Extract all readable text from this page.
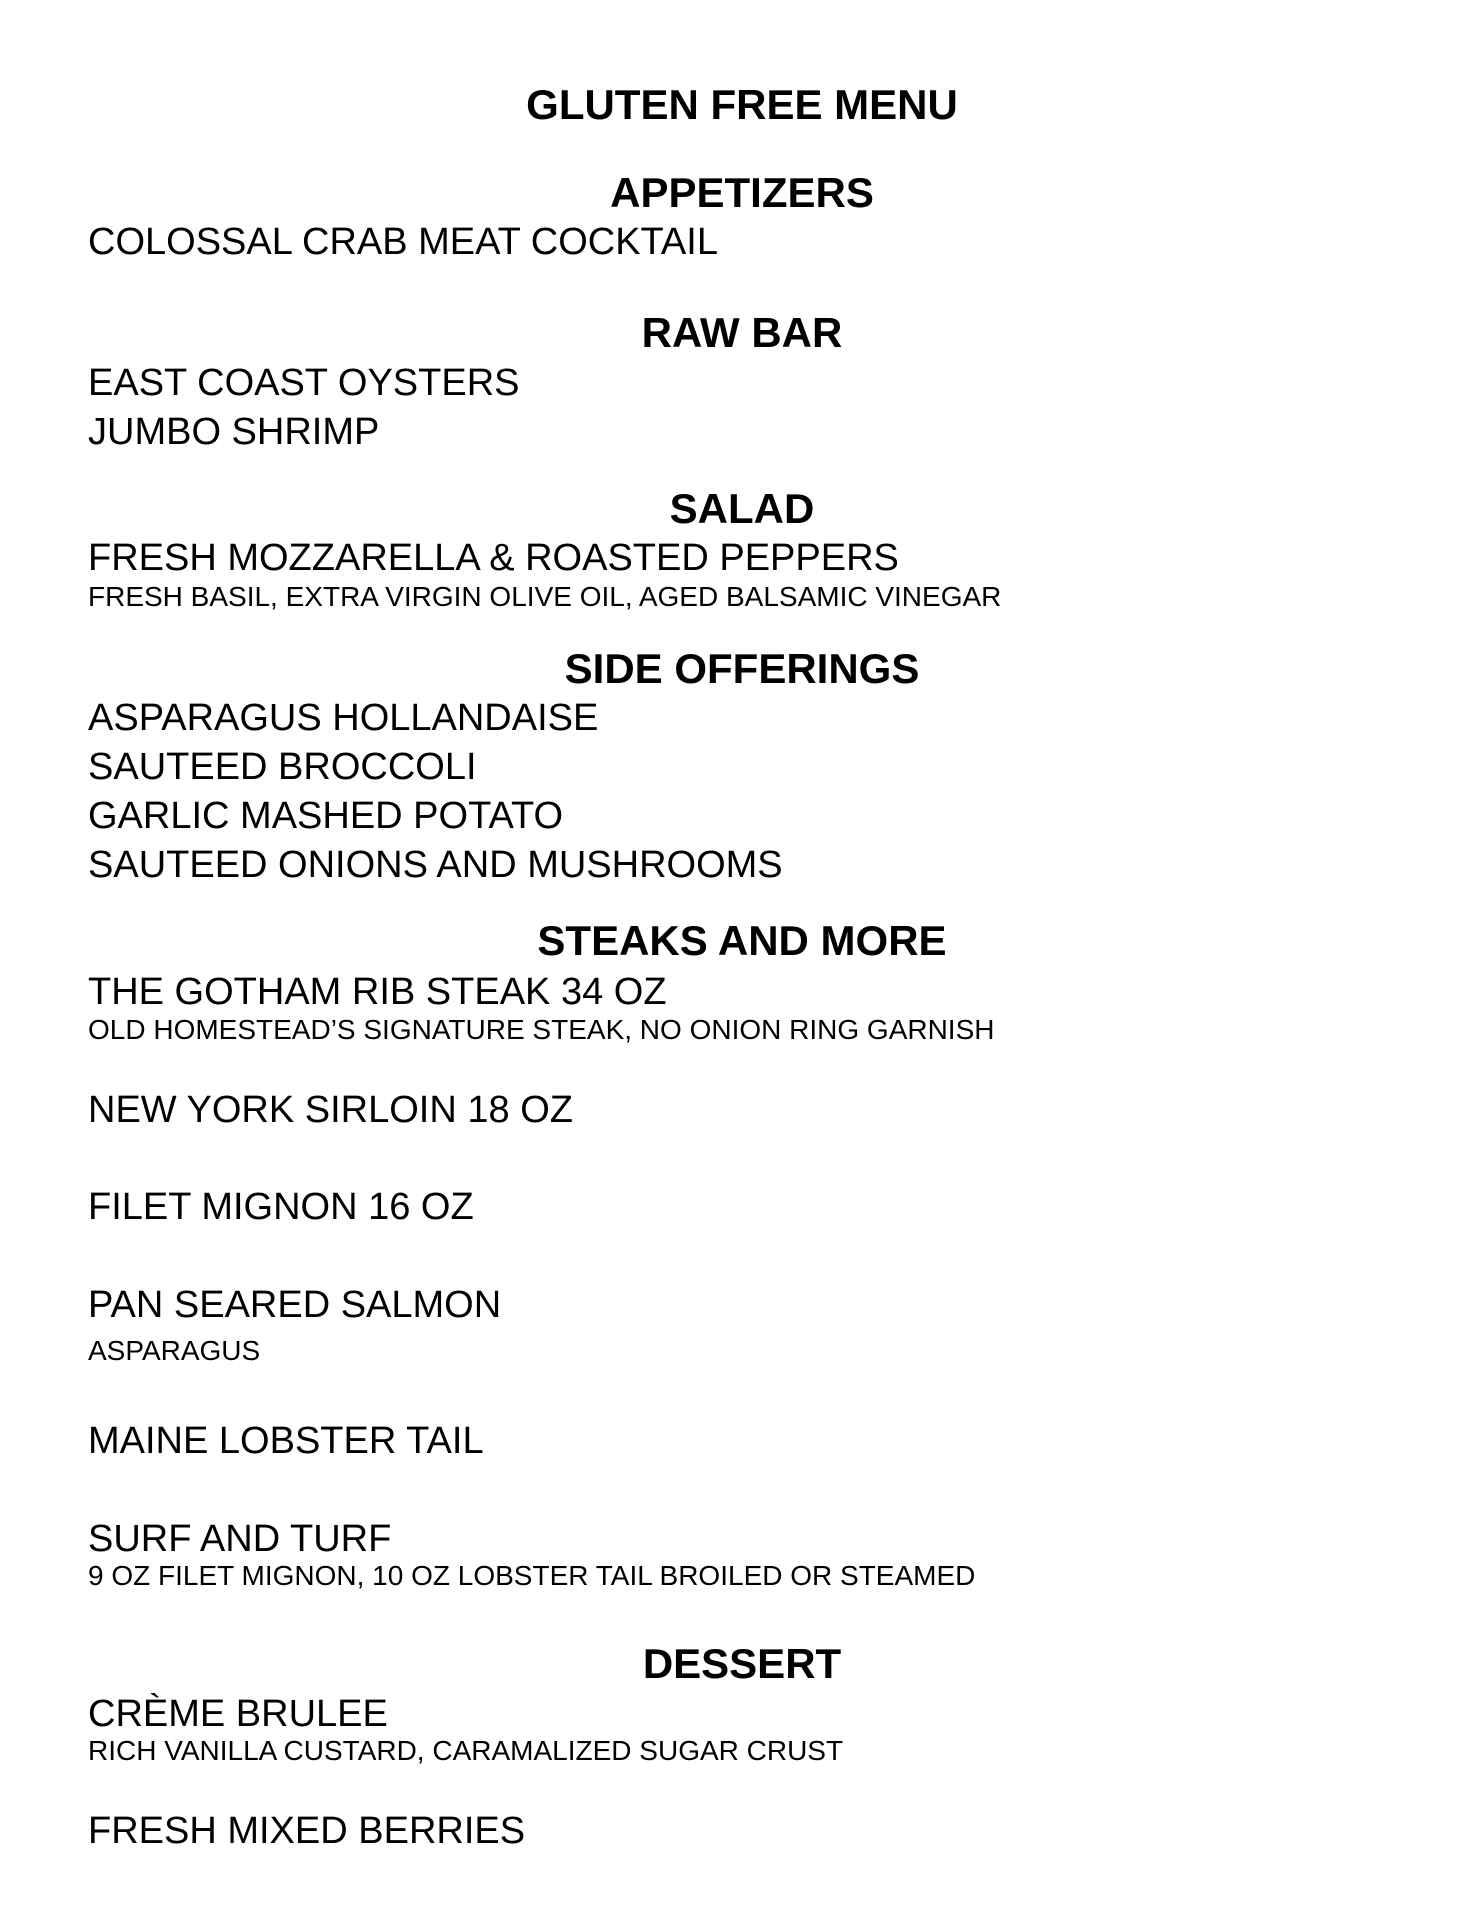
GLUTEN FREE MENU
APPETIZERS
COLOSSAL CRAB MEAT COCKTAIL
RAW BAR
EAST COAST OYSTERS
JUMBO SHRIMP
SALAD
FRESH MOZZARELLA & ROASTED PEPPERS
FRESH BASIL, EXTRA VIRGIN OLIVE OIL, AGED BALSAMIC VINEGAR
SIDE OFFERINGS
ASPARAGUS HOLLANDAISE
SAUTEED BROCCOLI
GARLIC MASHED POTATO
SAUTEED ONIONS AND MUSHROOMS
STEAKS AND MORE
THE GOTHAM RIB STEAK 34 OZ
OLD HOMESTEAD’S SIGNATURE STEAK, NO ONION RING GARNISH
NEW YORK SIRLOIN 18 OZ
FILET MIGNON 16 OZ
PAN SEARED SALMON
ASPARAGUS
MAINE LOBSTER TAIL
SURF AND TURF
9 OZ FILET MIGNON, 10 OZ LOBSTER TAIL BROILED OR STEAMED
DESSERT
CRÈME BRULEE
RICH VANILLA CUSTARD, CARAMALIZED SUGAR CRUST
FRESH MIXED BERRIES
